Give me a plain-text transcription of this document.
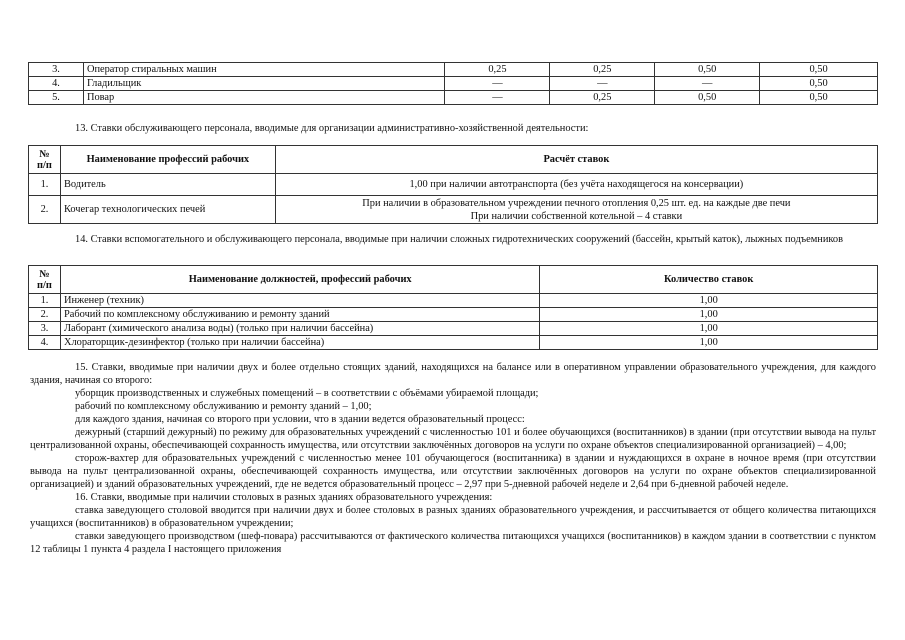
3.	Оператор стиральных машин	0,25	0,25	0,50	0,50
4.	Гладильщик	—	—	—	0,50
5.	Повар	—	0,25	0,50	0,50
13. Ставки обслуживающего персонала, вводимые для организации административно-хозяйственной деятельности:
№
п/п	Наименование профессий рабочих	Расчёт ставок
1.	Водитель	1,00 при наличии автотранспорта (без учёта находящегося на консервации)
2.	Кочегар технологических печей	При наличии в образовательном учреждении печного отопления 0,25 шт. ед. на каждые две печи
При наличии собственной котельной – 4 ставки
14. Ставки вспомогательного и обслуживающего персонала, вводимые при наличии сложных гидротехнических сооружений (бассейн, крытый каток), лыжных подъемников
№
п/п	Наименование должностей, профессий рабочих	Количество ставок
1.	Инженер (техник)	1,00
2.	Рабочий по комплексному обслуживанию и ремонту зданий	1,00
3.	Лаборант (химического анализа воды) (только при наличии бассейна)	1,00
4.	Хлораторщик-дезинфектор (только при наличии бассейна)	1,00

15. Ставки, вводимые при наличии двух и более отдельно стоящих зданий, находящихся на балансе или в оперативном управлении образовательного учреждения, для каждого здания, начиная со второго:

уборщик производственных и служебных помещений – в соответствии с объёмами убираемой площади;

рабочий по комплексному обслуживанию и ремонту зданий – 1,00;

для каждого здания, начиная со второго при условии, что в здании ведется образовательный процесс:

дежурный (старший дежурный) по режиму для образовательных учреждений с численностью 101 и более обучающихся (воспитанников) в здании (при отсутствии вывода на пульт централизованной охраны, обеспечивающей сохранность имущества, или отсутствии заключённых договоров на услуги по охране объектов специализированной организацией) – 4,00;

сторож-вахтер для образовательных учреждений с численностью менее 101 обучающегося (воспитанника) в здании и нуждающихся в охране в ночное время (при отсутствии вывода на пульт централизованной охраны, обеспечивающей сохранность имущества, или отсутствии заключённых договоров на услуги по охране объектов специализированной организацией) и зданий образовательных учреждений, где не ведется образовательный процесс – 2,97 при 5-дневной рабочей неделе и 2,64 при 6-дневной рабочей неделе.

16. Ставки, вводимые при наличии столовых в разных зданиях образовательного учреждения:

ставка заведующего столовой вводится при наличии двух и более столовых в разных зданиях образовательного учреждения, и рассчитывается от общего количества питающихся учащихся (воспитанников) в образовательном учреждении;

ставки заведующего производством (шеф-повара) рассчитываются от фактического количества питающихся учащихся (воспитанников) в каждом здании в соответствии с пунктом 12 таблицы 1 пункта 4 раздела I настоящего приложения
